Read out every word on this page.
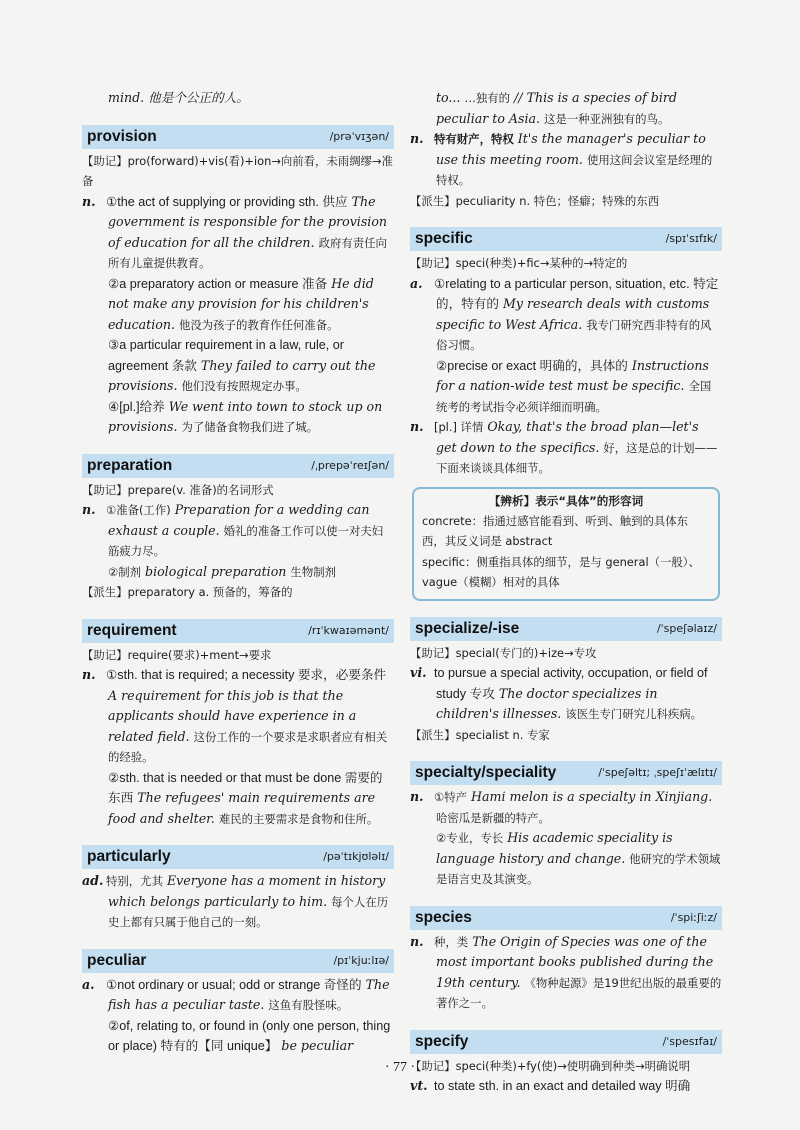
mind. 他是个公正的人。

provision	/prəˈvɪʒən/

【助记】pro(forward)+vis(看)+ion→向前看，未雨绸缪→准备

n. ①the act of supplying or providing sth. 供应 The government is responsible for the provision of education for all the children. 政府有责任向所有儿童提供教育。

②a preparatory action or measure 准备 He did not make any provision for his children's education. 他没为孩子的教育作任何准备。

③a particular requirement in a law, rule, or agreement 条款 They failed to carry out the provisions. 他们没有按照规定办事。

④[pl.]给养 We went into town to stock up on provisions. 为了储备食物我们进了城。

preparation	/ˌprepəˈreɪʃən/

【助记】prepare(v. 准备)的名词形式

n. ①准备(工作) Preparation for a wedding can exhaust a couple. 婚礼的准备工作可以使一对夫妇筋疲力尽。

②制剂 biological preparation 生物制剂

【派生】preparatory a. 预备的，筹备的

requirement	/rɪˈkwaɪəmənt/

【助记】require(要求)+ment→要求

n. ①sth. that is required; a necessity 要求，必要条件 A requirement for this job is that the applicants should have experience in a related field. 这份工作的一个要求是求职者应有相关的经验。

②sth. that is needed or that must be done 需要的东西 The refugees' main requirements are food and shelter. 难民的主要需求是食物和住所。

particularly	/pəˈtɪkjʊləlɪ/

ad. 特别，尤其 Everyone has a moment in history which belongs particularly to him. 每个人在历史上都有只属于他自己的一刻。

peculiar	/pɪˈkjuːlɪə/

a. ①not ordinary or usual; odd or strange 奇怪的 The fish has a peculiar taste. 这鱼有股怪味。

②of, relating to, or found in (only one person, thing or place) 特有的【同 unique】 be peculiar

to... …独有的 // This is a species of bird peculiar to Asia. 这是一种亚洲独有的鸟。

n. 特有财产，特权 It's the manager's peculiar to use this meeting room. 使用这间会议室是经理的特权。

【派生】peculiarity n. 特色；怪癖；特殊的东西

specific	/spɪˈsɪfɪk/

【助记】speci(种类)+fic→某种的→特定的

a. ①relating to a particular person, situation, etc. 特定的，特有的 My research deals with customs specific to West Africa. 我专门研究西非特有的风俗习惯。

②precise or exact 明确的，具体的 Instructions for a nation-wide test must be specific. 全国统考的考试指令必须详细而明确。

n. [pl.] 详情 Okay, that's the broad plan—let's get down to the specifics. 好，这是总的计划——下面来谈谈具体细节。

【辨析】表示“具体”的形容词

concrete：指通过感官能看到、听到、触到的具体东西，其反义词是 abstract

specific：侧重指具体的细节，是与 general（一般）、vague（模糊）相对的具体

specialize/-ise	/ˈspeʃəlaɪz/

【助记】special(专门的)+ize→专攻

vi. to pursue a special activity, occupation, or field of study 专攻 The doctor specializes in children's illnesses. 该医生专门研究儿科疾病。

【派生】specialist n. 专家

specialty/speciality	/ˈspeʃəltɪ; ˌspeʃɪˈælɪtɪ/

n. ①特产 Hami melon is a specialty in Xinjiang. 哈密瓜是新疆的特产。

②专业，专长 His academic speciality is language history and change. 他研究的学术领域是语言史及其演变。

species	/ˈspiːʃiːz/

n. 种，类 The Origin of Species was one of the most important books published during the 19th century. 《物种起源》是19世纪出版的最重要的著作之一。

specify	/ˈspesɪfaɪ/

【助记】speci(种类)+fy(使)→使明确到种类→明确说明

vt. to state sth. in an exact and detailed way 明确

· 77 ·
